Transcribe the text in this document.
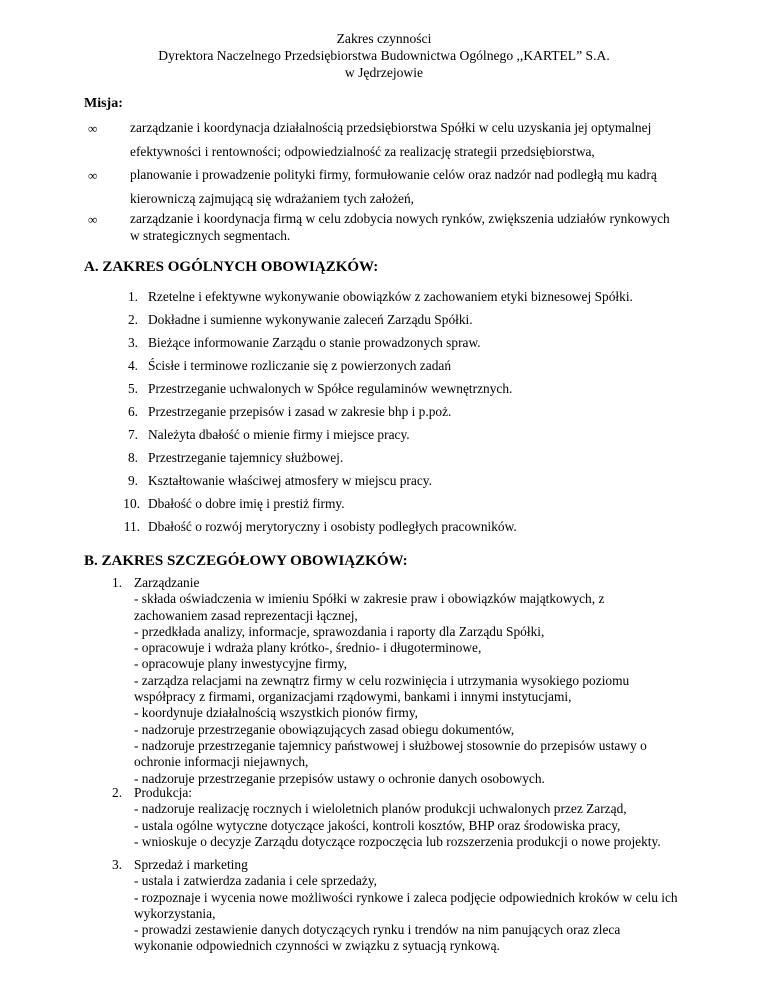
Zakres czynności
Dyrektora Naczelnego Przedsiębiorstwa Budownictwa Ogólnego ,,KARTEL” S.A.
w Jędrzejowie
Misja:
∞ zarządzanie i koordynacja działalnością przedsiębiorstwa Spółki w celu uzyskania jej optymalnej
efektywności i rentowności; odpowiedzialność za realizację strategii przedsiębiorstwa,
∞ planowanie i prowadzenie polityki firmy, formułowanie celów oraz nadzór nad podległą mu kadrą
kierowniczą zajmującą się wdrażaniem tych założeń,
∞ zarządzanie i koordynacja firmą w celu zdobycia nowych rynków, zwiększenia udziałów rynkowych
w strategicznych segmentach.
A. ZAKRES OGÓLNYCH OBOWIĄZKÓW:
1. Rzetelne i efektywne wykonywanie obowiązków z zachowaniem etyki biznesowej Spółki.
2. Dokładne i sumienne wykonywanie zaleceń Zarządu Spółki.
3. Bieżące informowanie Zarządu o stanie prowadzonych spraw.
4. Ścisłe i terminowe rozliczanie się z powierzonych zadań
5. Przestrzeganie uchwalonych w Spółce regulaminów wewnętrznych.
6. Przestrzeganie przepisów i zasad w zakresie bhp i p.poż.
7. Należyta dbałość o mienie firmy i miejsce pracy.
8. Przestrzeganie tajemnicy służbowej.
9. Kształtowanie właściwej atmosfery w miejscu pracy.
10. Dbałość o dobre imię i prestiż firmy.
11. Dbałość o rozwój merytoryczny i osobisty podległych pracowników.
B. ZAKRES SZCZEGÓŁOWY OBOWIĄZKÓW:
1. Zarządzanie
- składa oświadczenia w imieniu Spółki w zakresie praw i obowiązków majątkowych, z
zachowaniem zasad reprezentacji łącznej,
- przedkłada analizy, informacje, sprawozdania i raporty dla Zarządu Spółki,
- opracowuje i wdraża plany krótko-, średnio- i długoterminowe,
- opracowuje plany inwestycyjne firmy,
- zarządza relacjami na zewnątrz firmy w celu rozwinięcia i utrzymania wysokiego poziomu
współpracy z firmami, organizacjami rządowymi, bankami i innymi instytucjami,
- koordynuje działalnością wszystkich pionów firmy,
- nadzoruje przestrzeganie obowiązujących zasad obiegu dokumentów,
- nadzoruje przestrzeganie tajemnicy państwowej i służbowej stosownie do przepisów ustawy o
ochronie informacji niejawnych,
- nadzoruje przestrzeganie przepisów ustawy o ochronie danych osobowych.
2. Produkcja:
- nadzoruje realizację rocznych i wieloletnich planów produkcji uchwalonych przez Zarząd,
- ustala ogólne wytyczne dotyczące jakości, kontroli kosztów, BHP oraz środowiska pracy,
- wnioskuje o decyzje Zarządu dotyczące rozpoczęcia lub rozszerzenia produkcji o nowe projekty.
3. Sprzedaż i marketing
- ustala i zatwierdza zadania i cele sprzedaży,
- rozpoznaje i wycenia nowe możliwości rynkowe i zaleca podjęcie odpowiednich kroków w celu ich
wykorzystania,
- prowadzi zestawienie danych dotyczących rynku i trendów na nim panujących oraz zleca
wykonanie odpowiednich czynności w związku z sytuacją rynkową.
